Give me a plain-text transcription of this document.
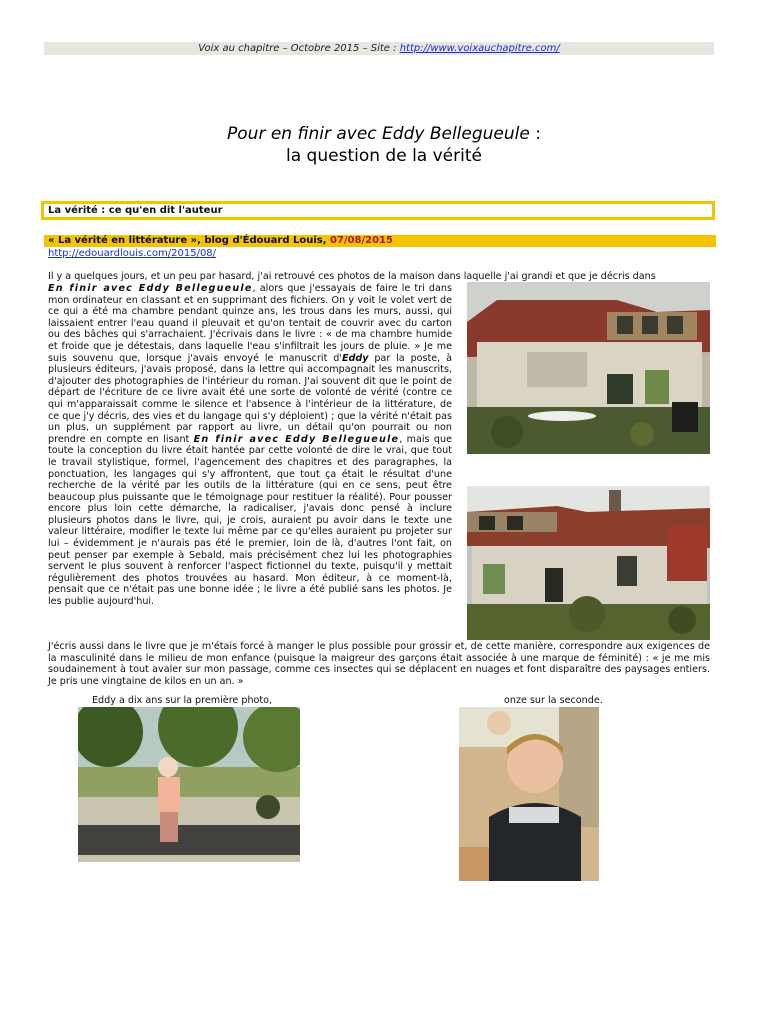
Voix au chapitre – Octobre 2015 – Site : http://www.voixauchapitre.com/
Pour en finir avec Eddy Bellegueule :
la question de la vérité
La vérité : ce qu'en dit l'auteur
« La vérité en littérature », blog d'Édouard Louis, 07/08/2015
http://edouardlouis.com/2015/08/
Il y a quelques jours, et un peu par hasard, j'ai retrouvé ces photos de la maison dans laquelle j'ai grandi et que je décris dans
En finir avec Eddy Bellegueule, alors que j'essayais de faire le tri dans mon ordinateur en classant et en supprimant des fichiers. On y voit le volet vert de ce qui a été ma chambre pendant quinze ans, les trous dans les murs, aussi, qui laissaient entrer l'eau quand il pleuvait et qu'on tentait de couvrir avec du carton ou des bâches qui s'arrachaient. J'écrivais dans le livre : « de ma chambre humide et froide que je détestais, dans laquelle l'eau s'infiltrait les jours de pluie. » Je me suis souvenu que, lorsque j'avais envoyé le manuscrit d'Eddy par la poste, à plusieurs éditeurs, j'avais proposé, dans la lettre qui accompagnait les manuscrits, d'ajouter des photographies de l'intérieur du roman. J'ai souvent dit que le point de départ de l'écriture de ce livre avait été une sorte de volonté de vérité (contre ce qui m'apparaissait comme le silence et l'absence à l'intérieur de la littérature, de ce que j'y décris, des vies et du langage qui s'y déploient) ; que la vérité n'était pas un plus, un supplément par rapport au livre, un détail qu'on pourrait ou non prendre en compte en lisant En finir avec Eddy Bellegueule, mais que toute la conception du livre était hantée par cette volonté de dire le vrai, que tout le travail stylistique, formel, l'agencement des chapitres et des paragraphes, la ponctuation, les langages qui s'y affrontent, que tout ça était le résultat d'une recherche de la vérité par les outils de la littérature (qui en ce sens, peut être beaucoup plus puissante que le témoignage pour restituer la réalité). Pour pousser encore plus loin cette démarche, la radicaliser, j'avais donc pensé à inclure plusieurs photos dans le livre, qui, je crois, auraient pu avoir dans le texte une valeur littéraire, modifier le texte lui même par ce qu'elles auraient pu projeter sur lui – évidemment je n'aurais pas été le premier, loin de là, d'autres l'ont fait, on peut penser par exemple à Sebald, mais précisément chez lui les photographies servent le plus souvent à renforcer l'aspect fictionnel du texte, puisqu'il y mettait régulièrement des photos trouvées au hasard. Mon éditeur, à ce moment-là, pensait que ce n'était pas une bonne idée ; le livre a été publié sans les photos. Je les publie aujourd'hui.
J'écris aussi dans le livre que je m'étais forcé à manger le plus possible pour grossir et, de cette manière, correspondre aux exigences de la masculinité dans le milieu de mon enfance (puisque la maigreur des garçons était associée à une marque de féminité) : « je me mis soudainement à tout avaler sur mon passage, comme ces insectes qui se déplacent en nuages et font disparaître des paysages entiers. Je pris une vingtaine de kilos en un an. »
Eddy a dix ans sur la première photo,	onze sur la seconde.
